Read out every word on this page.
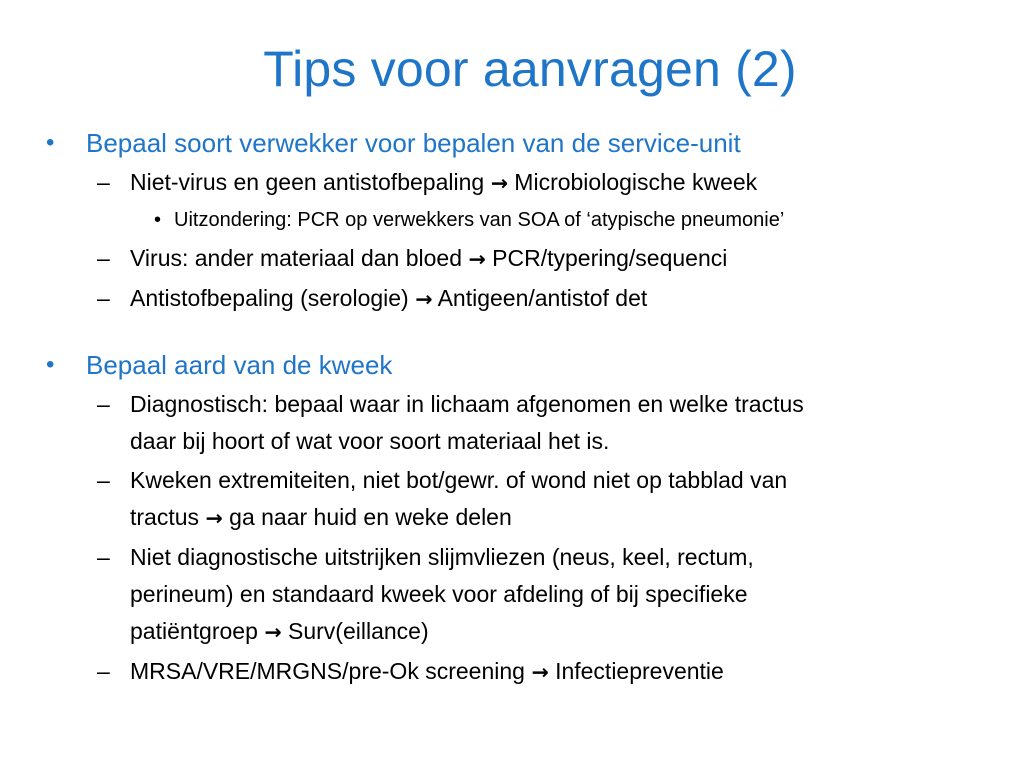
Tips voor aanvragen (2)
• Bepaal soort verwekker voor bepalen van de service-unit
– Niet-virus en geen antistofbepaling → Microbiologische kweek
• Uitzondering: PCR op verwekkers van SOA of ‘atypische pneumonie’
– Virus: ander materiaal dan bloed → PCR/typering/sequenci
– Antistofbepaling (serologie) → Antigeen/antistof det
• Bepaal aard van de kweek
– Diagnostisch: bepaal waar in lichaam afgenomen en welke tractus
daar bij hoort of wat voor soort materiaal het is.
– Kweken extremiteiten, niet bot/gewr. of wond niet op tabblad van
tractus → ga naar huid en weke delen
– Niet diagnostische uitstrijken slijmvliezen (neus, keel, rectum,
perineum) en standaard kweek voor afdeling of bij specifieke
patiëntgroep → Surv(eillance)
– MRSA/VRE/MRGNS/pre-Ok screening → Infectiepreventie
